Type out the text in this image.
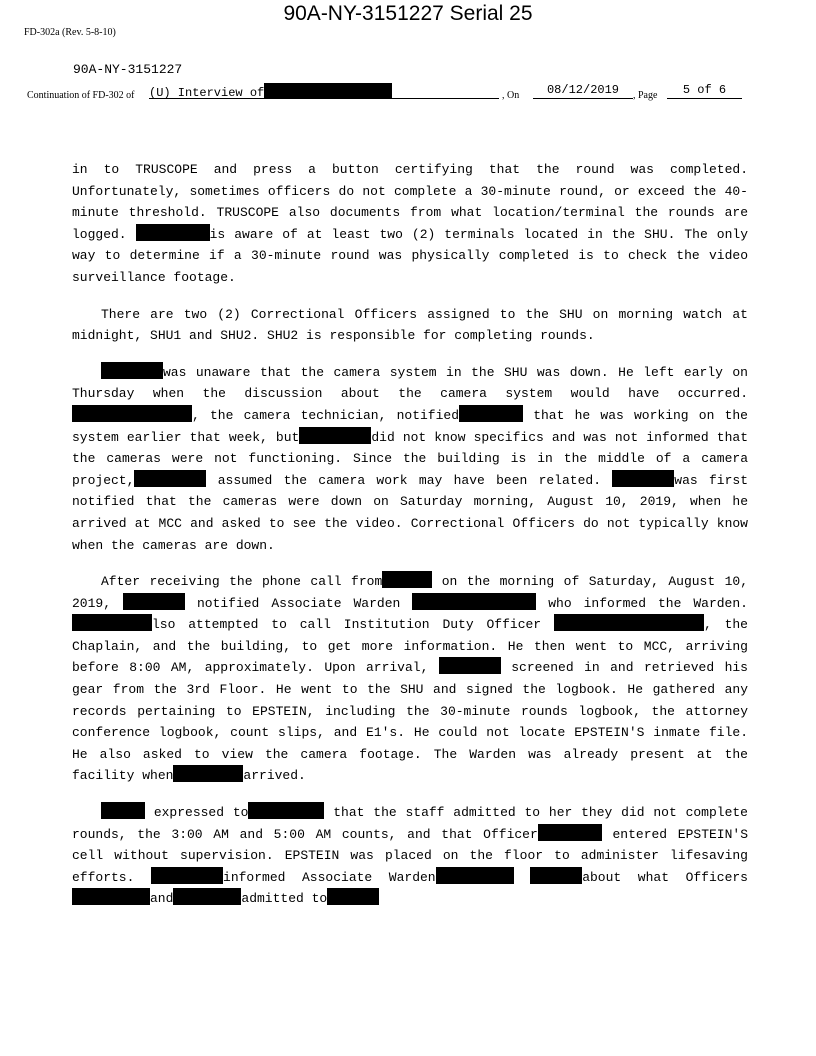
90A-NY-3151227 Serial 25
FD-302a (Rev. 5-8-10)
90A-NY-3151227
Continuation of FD-302 of (U) Interview of	, On	08/12/2019	, Page	5 of 6

in to TRUSCOPE and press a button certifying that the round was completed. Unfortunately, sometimes officers do not complete a 30-minute round, or exceed the 40-minute threshold. TRUSCOPE also documents from what location/terminal the rounds are logged.	is aware of at least two (2) terminals located in the SHU. The only way to determine if a 30-minute round was physically completed is to check the video surveillance footage.

There are two (2) Correctional Officers assigned to the SHU on morning watch at midnight, SHU1 and SHU2. SHU2 is responsible for completing rounds.

was unaware that the camera system in the SHU was down. He left early on Thursday when the discussion about the camera system would have occurred., the camera technician, notified	that he was working on the system earlier that week, but	did not know specifics and was not informed that the cameras were not functioning. Since the building is in the middle of a camera project,	assumed the camera work may have been related.	was first notified that the cameras were down on Saturday morning, August 10, 2019, when he arrived at MCC and asked to see the video. Correctional Officers do not typically know when the cameras are down.

After receiving the phone call from	on the morning of Saturday, August 10, 2019,	notified Associate Warden	who informed the Warden. lso attempted to call Institution Duty Officer	, the Chaplain, and the building, to get more information. He then went to MCC, arriving before 8:00 AM, approximately. Upon arrival,	screened in and retrieved his gear from the 3rd Floor. He went to the SHU and signed the logbook. He gathered any records pertaining to EPSTEIN, including the 30-minute rounds logbook, the attorney conference logbook, count slips, and E1's. He could not locate EPSTEIN'S inmate file. He also asked to view the camera footage. The Warden was already present at the facility when	arrived.

expressed to	that the staff admitted to her they did not complete rounds, the 3:00 AM and 5:00 AM counts, and that Officer	entered EPSTEIN'S cell without supervision. EPSTEIN was placed on the floor to administer lifesaving efforts.	informed Associate Warden	about what Officersand	admitted to
